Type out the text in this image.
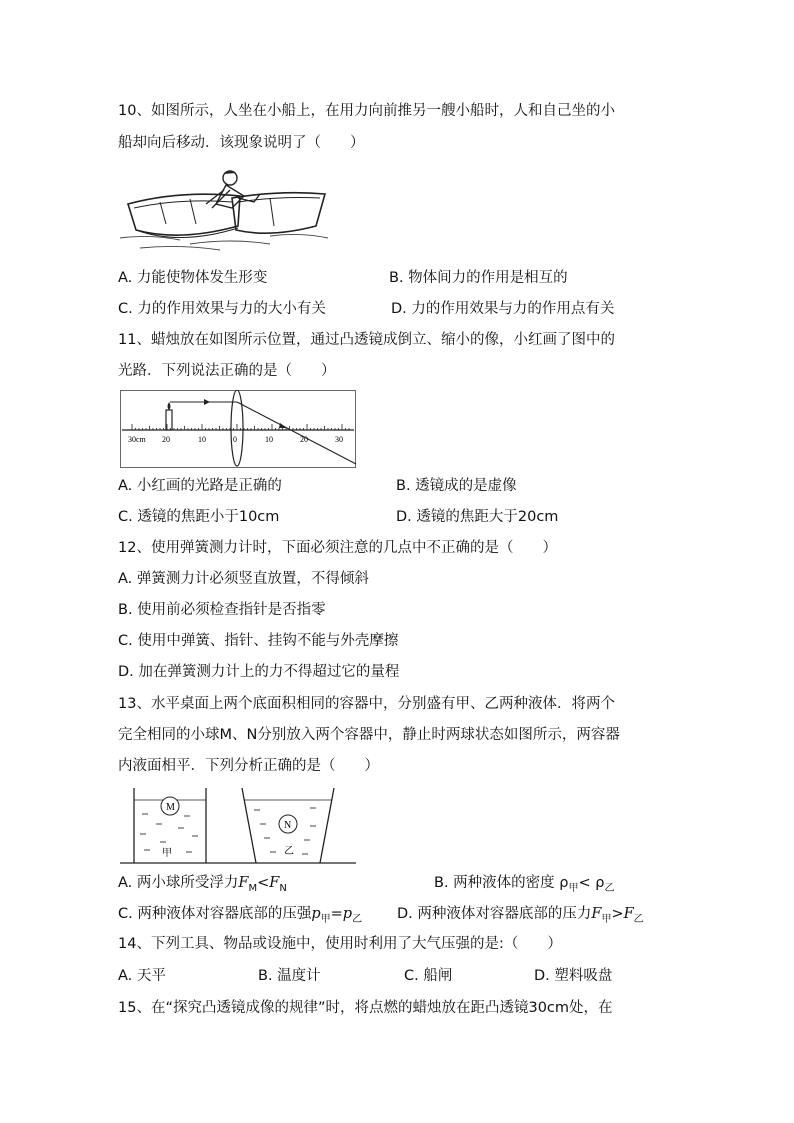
10、如图所示，人坐在小船上，在用力向前推另一艘小船时，人和自己坐的小
船却向后移动．该现象说明了（　　）
A. 力能使物体发生形变	B. 物体间力的作用是相互的
C. 力的作用效果与力的大小有关	D. 力的作用效果与力的作用点有关
11、蜡烛放在如图所示位置，通过凸透镜成倒立、缩小的像，小红画了图中的
光路．下列说法正确的是（　　）
30cm 20	10	0	10	20	30
A. 小红画的光路是正确的	B. 透镜成的是虚像
C. 透镜的焦距小于10cm	D. 透镜的焦距大于20cm
12、使用弹簧测力计时，下面必须注意的几点中不正确的是（　　）
A. 弹簧测力计必须竖直放置，不得倾斜
B. 使用前必须检查指针是否指零
C. 使用中弹簧、指针、挂钩不能与外壳摩擦
D. 加在弹簧测力计上的力不得超过它的量程
13、水平桌面上两个底面积相同的容器中，分别盛有甲、乙两种液体．将两个
完全相同的小球M、N分别放入两个容器中，静止时两球状态如图所示，两容器
内液面相平．下列分析正确的是（　　）
M
甲
N
乙
A. 两小球所受浮力$F_M<F_N$	B. 两种液体的密度 $\rho_甲< \rho_乙$
C. 两种液体对容器底部的压强$p_甲=p_乙$ D. 两种液体对容器底部的压力$F_甲>F_乙$
14、下列工具、物品或设施中，使用时利用了大气压强的是:（　　）
A. 天平	B. 温度计	C. 船闸	D. 塑料吸盘
15、在“探究凸透镜成像的规律”时，将点燃的蜡烛放在距凸透镜30cm处，在
